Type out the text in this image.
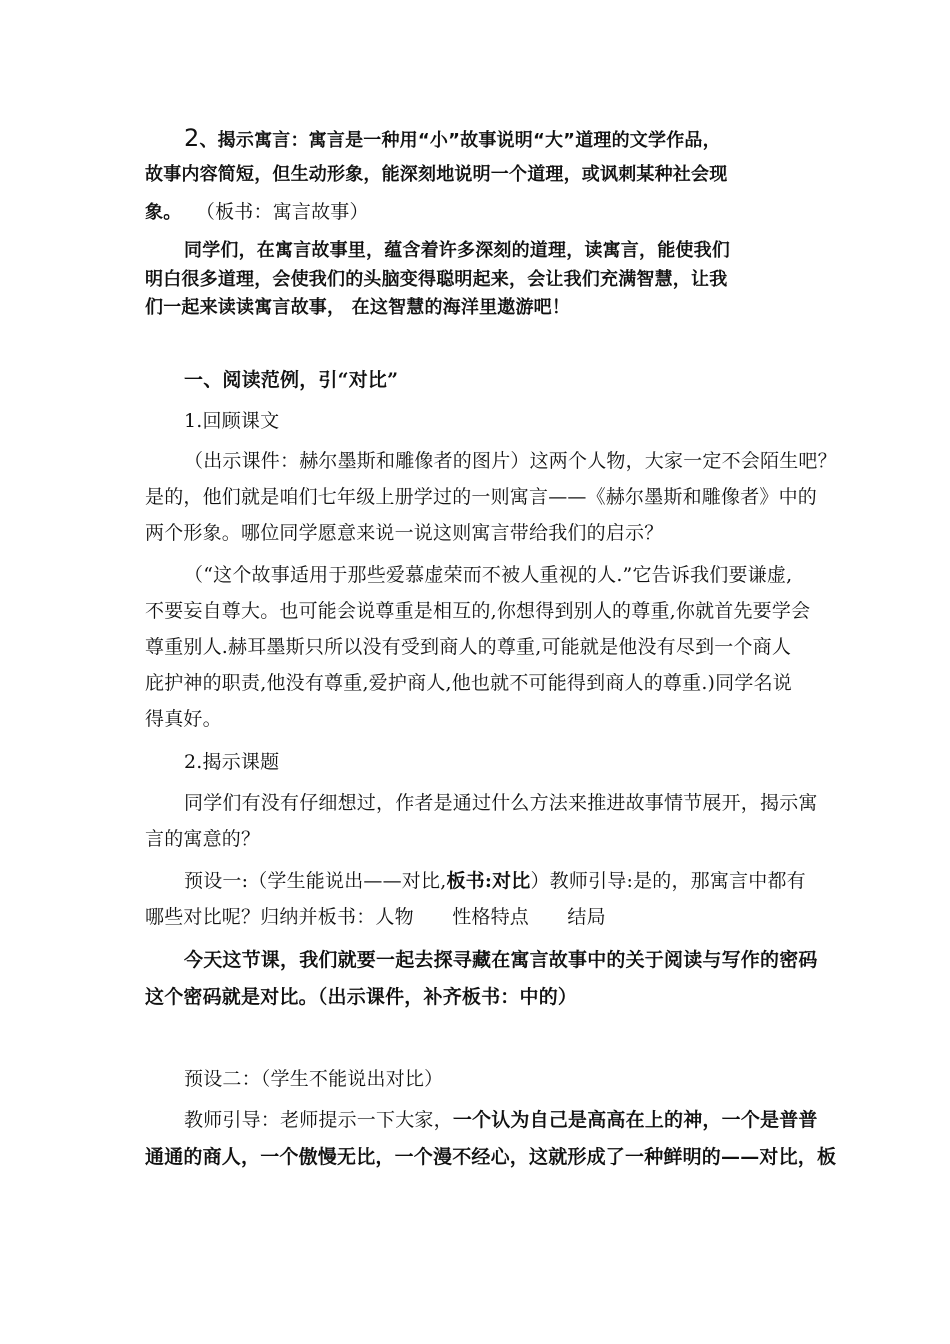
2、揭示寓言：寓言是一种用“小”故事说明“大”道理的文学作品，
故事内容简短，但生动形象，能深刻地说明一个道理，或讽刺某种社会现
象。 （板书：寓言故事）
同学们，在寓言故事里，蕴含着许多深刻的道理，读寓言，能使我们
明白很多道理，会使我们的头脑变得聪明起来，会让我们充满智慧，让我
们一起来读读寓言故事， 在这智慧的海洋里遨游吧！
一、阅读范例，引“对比”
1.回顾课文
（出示课件：赫尔墨斯和雕像者的图片）这两个人物，大家一定不会陌生吧？
是的，他们就是咱们七年级上册学过的一则寓言——《赫尔墨斯和雕像者》中的
两个形象。哪位同学愿意来说一说这则寓言带给我们的启示？
（“这个故事适用于那些爱慕虚荣而不被人重视的人.”它告诉我们要谦虚,
不要妄自尊大。也可能会说尊重是相互的,你想得到别人的尊重,你就首先要学会
尊重别人.赫耳墨斯只所以没有受到商人的尊重,可能就是他没有尽到一个商人
庇护神的职责,他没有尊重,爱护商人,他也就不可能得到商人的尊重.)同学名说
得真好。
2.揭示课题
同学们有没有仔细想过，作者是通过什么方法来推进故事情节展开，揭示寓
言的寓意的？
预设一:（学生能说出——对比,板书:对比）教师引导:是的，那寓言中都有
哪些对比呢？归纳并板书：人物　　性格特点　　结局
今天这节课，我们就要一起去探寻藏在寓言故事中的关于阅读与写作的密码
这个密码就是对比。（出示课件，补齐板书：中的）
预设二：（学生不能说出对比）
教师引导：老师提示一下大家，一个认为自己是高高在上的神，一个是普普
通通的商人，一个傲慢无比，一个漫不经心，这就形成了一种鲜明的——对比，板
